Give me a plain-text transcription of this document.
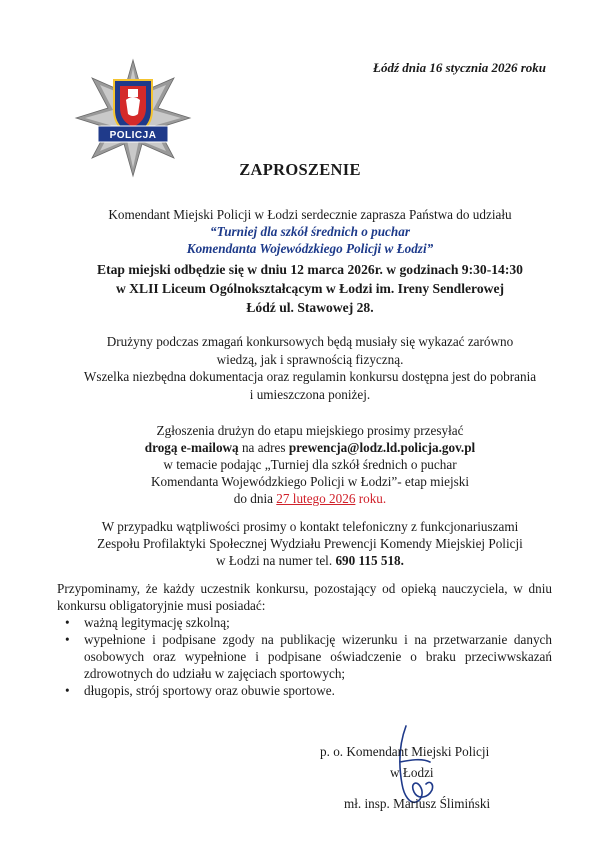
Łódź dnia 16 stycznia 2026 roku
POLICJA
ZAPROSZENIE
Komendant Miejski Policji w Łodzi serdecznie zaprasza Państwa do udziału
“Turniej dla szkół średnich o puchar
Komendanta Wojewódzkiego Policji w Łodzi”
Etap miejski odbędzie się w dniu 12 marca 2026r. w godzinach 9:30-14:30
w XLII Liceum Ogólnokształcącym w Łodzi im. Ireny Sendlerowej
Łódź ul. Stawowej 28.
Drużyny podczas zmagań konkursowych będą musiały się wykazać zarówno
wiedzą, jak i sprawnością fizyczną.
Wszelka niezbędna dokumentacja oraz regulamin konkursu dostępna jest do pobrania
i umieszczona poniżej.
Zgłoszenia drużyn do etapu miejskiego prosimy przesyłać
drogą e-mailową na adres prewencja@lodz.ld.policja.gov.pl
w temacie podając „Turniej dla szkół średnich o puchar
Komendanta Wojewódzkiego Policji w Łodzi”- etap miejski
do dnia 27 lutego 2026 roku.
W przypadku wątpliwości prosimy o kontakt telefoniczny z funkcjonariuszami
Zespołu Profilaktyki Społecznej Wydziału Prewencji Komendy Miejskiej Policji
w Łodzi na numer tel. 690 115 518.
Przypominamy, że każdy uczestnik konkursu, pozostający od opieką nauczyciela, w dniu konkursu obligatoryjnie musi posiadać:
• ważną legitymację szkolną;
• wypełnione i podpisane zgody na publikację wizerunku i na przetwarzanie danych osobowych oraz wypełnione i podpisane oświadczenie o braku przeciwwskazań zdrowotnych do udziału w zajęciach sportowych;
• długopis, strój sportowy oraz obuwie sportowe.
p. o. Komendant Miejski Policji
w Łodzi
mł. insp. Mariusz Ślimiński
